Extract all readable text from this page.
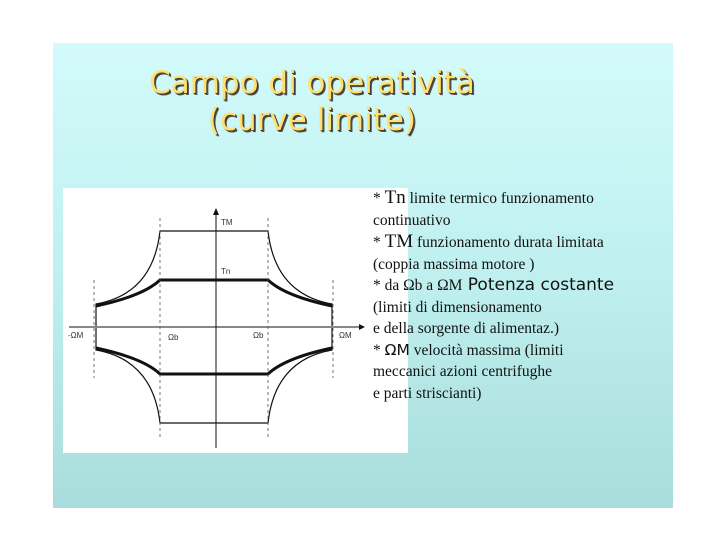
Campo di operatività
(curve limite)
TM
Tn
-ΩM	Ωb	Ωb	ΩM
* Tn limite termico funzionamento
continuativo
* TM funzionamento durata limitata
(coppia massima motore )
* da Ωb a ΩM Potenza costante
(limiti di dimensionamento
e della sorgente di alimentaz.)
* ΩM velocità massima (limiti
meccanici azioni centrifughe
e parti striscianti)
